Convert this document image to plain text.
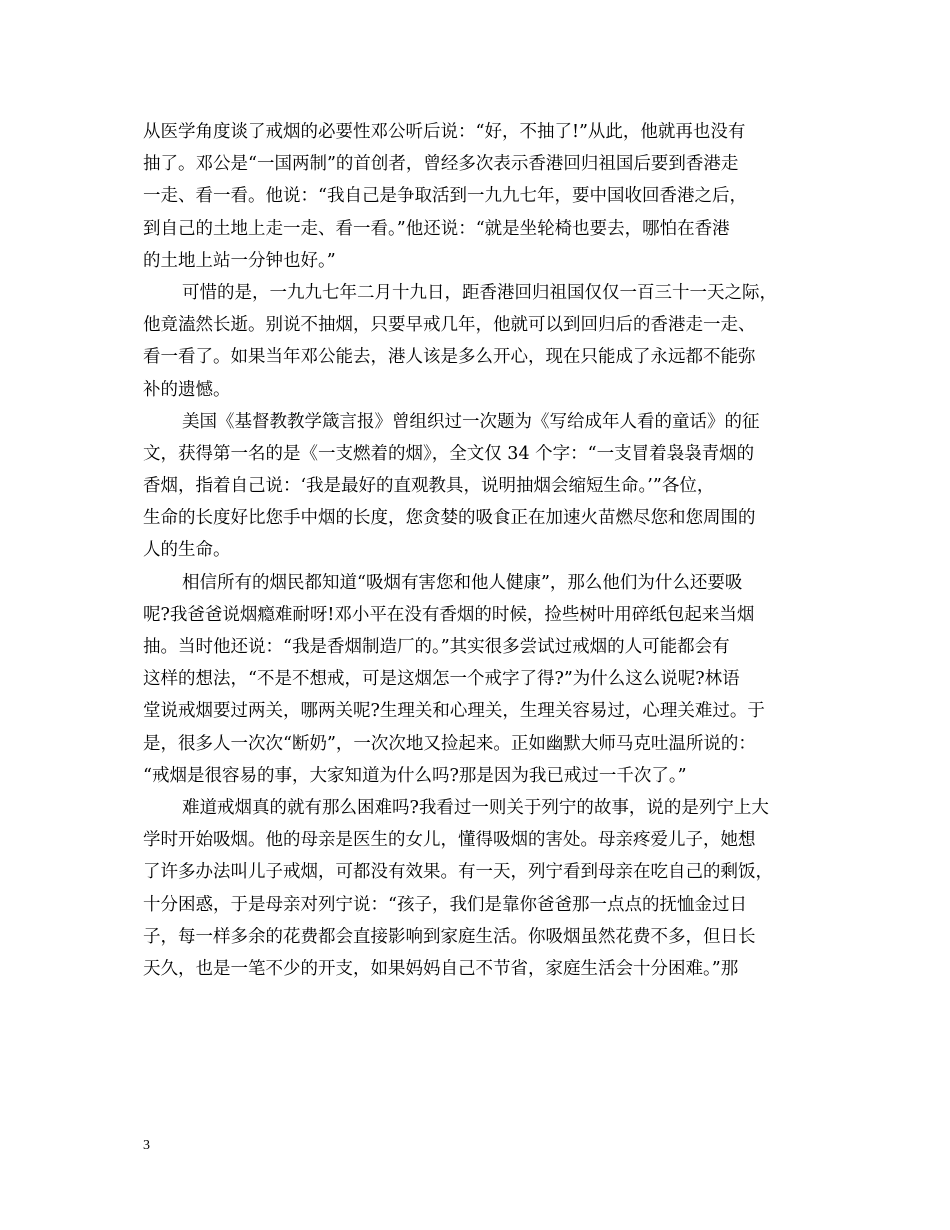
从医学角度谈了戒烟的必要性邓公听后说：“好，不抽了!”从此，他就再也没有
抽了。邓公是“一国两制”的首创者，曾经多次表示香港回归祖国后要到香港走
一走、看一看。他说：“我自己是争取活到一九九七年，要中国收回香港之后，
到自己的土地上走一走、看一看。”他还说：“就是坐轮椅也要去，哪怕在香港
的土地上站一分钟也好。”

可惜的是，一九九七年二月十九日，距香港回归祖国仅仅一百三十一天之际，
他竟溘然长逝。别说不抽烟，只要早戒几年，他就可以到回归后的香港走一走、
看一看了。如果当年邓公能去，港人该是多么开心，现在只能成了永远都不能弥
补的遗憾。

美国《基督教教学箴言报》曾组织过一次题为《写给成年人看的童话》的征
文，获得第一名的是《一支燃着的烟》，全文仅 34 个字：“一支冒着袅袅青烟的
香烟，指着自己说：‘我是最好的直观教具，说明抽烟会缩短生命。’”各位，
生命的长度好比您手中烟的长度，您贪婪的吸食正在加速火苗燃尽您和您周围的
人的生命。

相信所有的烟民都知道“吸烟有害您和他人健康”，那么他们为什么还要吸
呢?我爸爸说烟瘾难耐呀!邓小平在没有香烟的时候，捡些树叶用碎纸包起来当烟
抽。当时他还说：“我是香烟制造厂的。”其实很多尝试过戒烟的人可能都会有
这样的想法，“不是不想戒，可是这烟怎一个戒字了得?”为什么这么说呢?林语
堂说戒烟要过两关，哪两关呢?生理关和心理关，生理关容易过，心理关难过。于
是，很多人一次次“断奶”，一次次地又捡起来。正如幽默大师马克吐温所说的：
“戒烟是很容易的事，大家知道为什么吗?那是因为我已戒过一千次了。”

难道戒烟真的就有那么困难吗?我看过一则关于列宁的故事，说的是列宁上大
学时开始吸烟。他的母亲是医生的女儿，懂得吸烟的害处。母亲疼爱儿子，她想
了许多办法叫儿子戒烟，可都没有效果。有一天，列宁看到母亲在吃自己的剩饭，
十分困惑，于是母亲对列宁说：“孩子，我们是靠你爸爸那一点点的抚恤金过日
子，每一样多余的花费都会直接影响到家庭生活。你吸烟虽然花费不多，但日长
天久，也是一笔不少的开支，如果妈妈自己不节省，家庭生活会十分困难。”那

3
